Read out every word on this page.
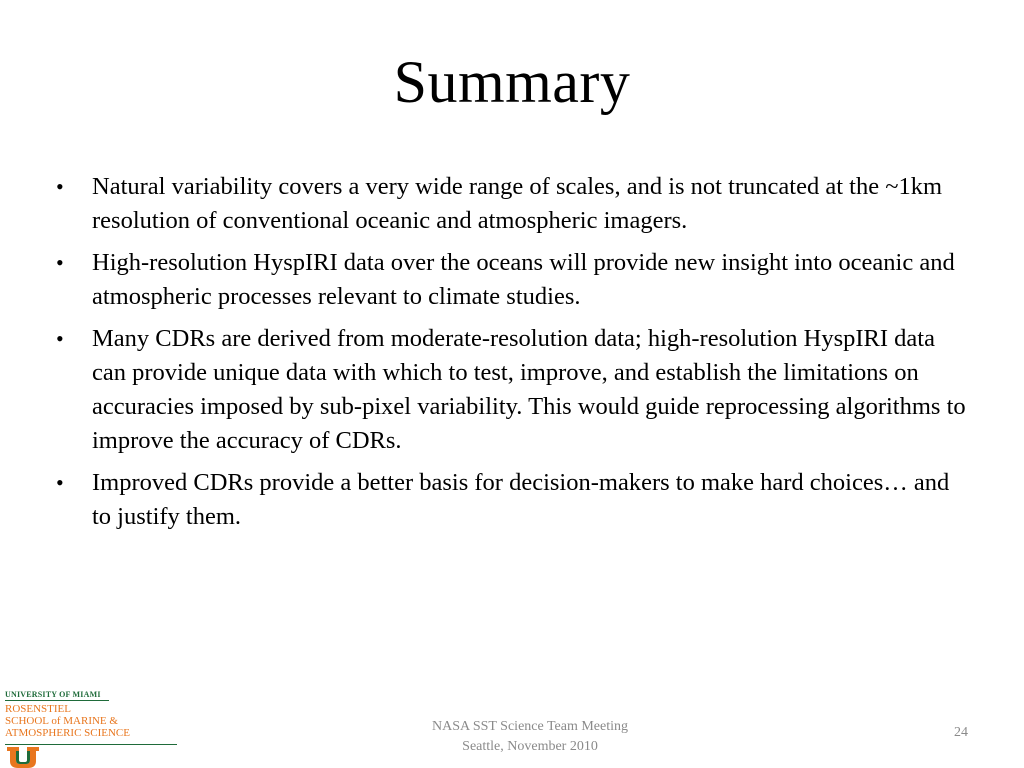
Summary
• Natural variability covers a very wide range of scales, and is not truncated at the ~1km resolution of conventional oceanic and atmospheric imagers.
• High-resolution HyspIRI data over the oceans will provide new insight into oceanic and atmospheric processes relevant to climate studies.
• Many CDRs are derived from moderate-resolution data; high-resolution HyspIRI data can provide unique data with which to test, improve, and establish the limitations on accuracies imposed by sub-pixel variability. This would guide reprocessing algorithms to improve the accuracy of CDRs.
• Improved CDRs provide a better basis for decision-makers to make hard choices… and to justify them.
UNIVERSITY OF MIAMI
ROSENSTIEL
SCHOOL of MARINE &
ATMOSPHERIC SCIENCE	NASA SST Science Team Meeting
Seattle, November 2010
24
